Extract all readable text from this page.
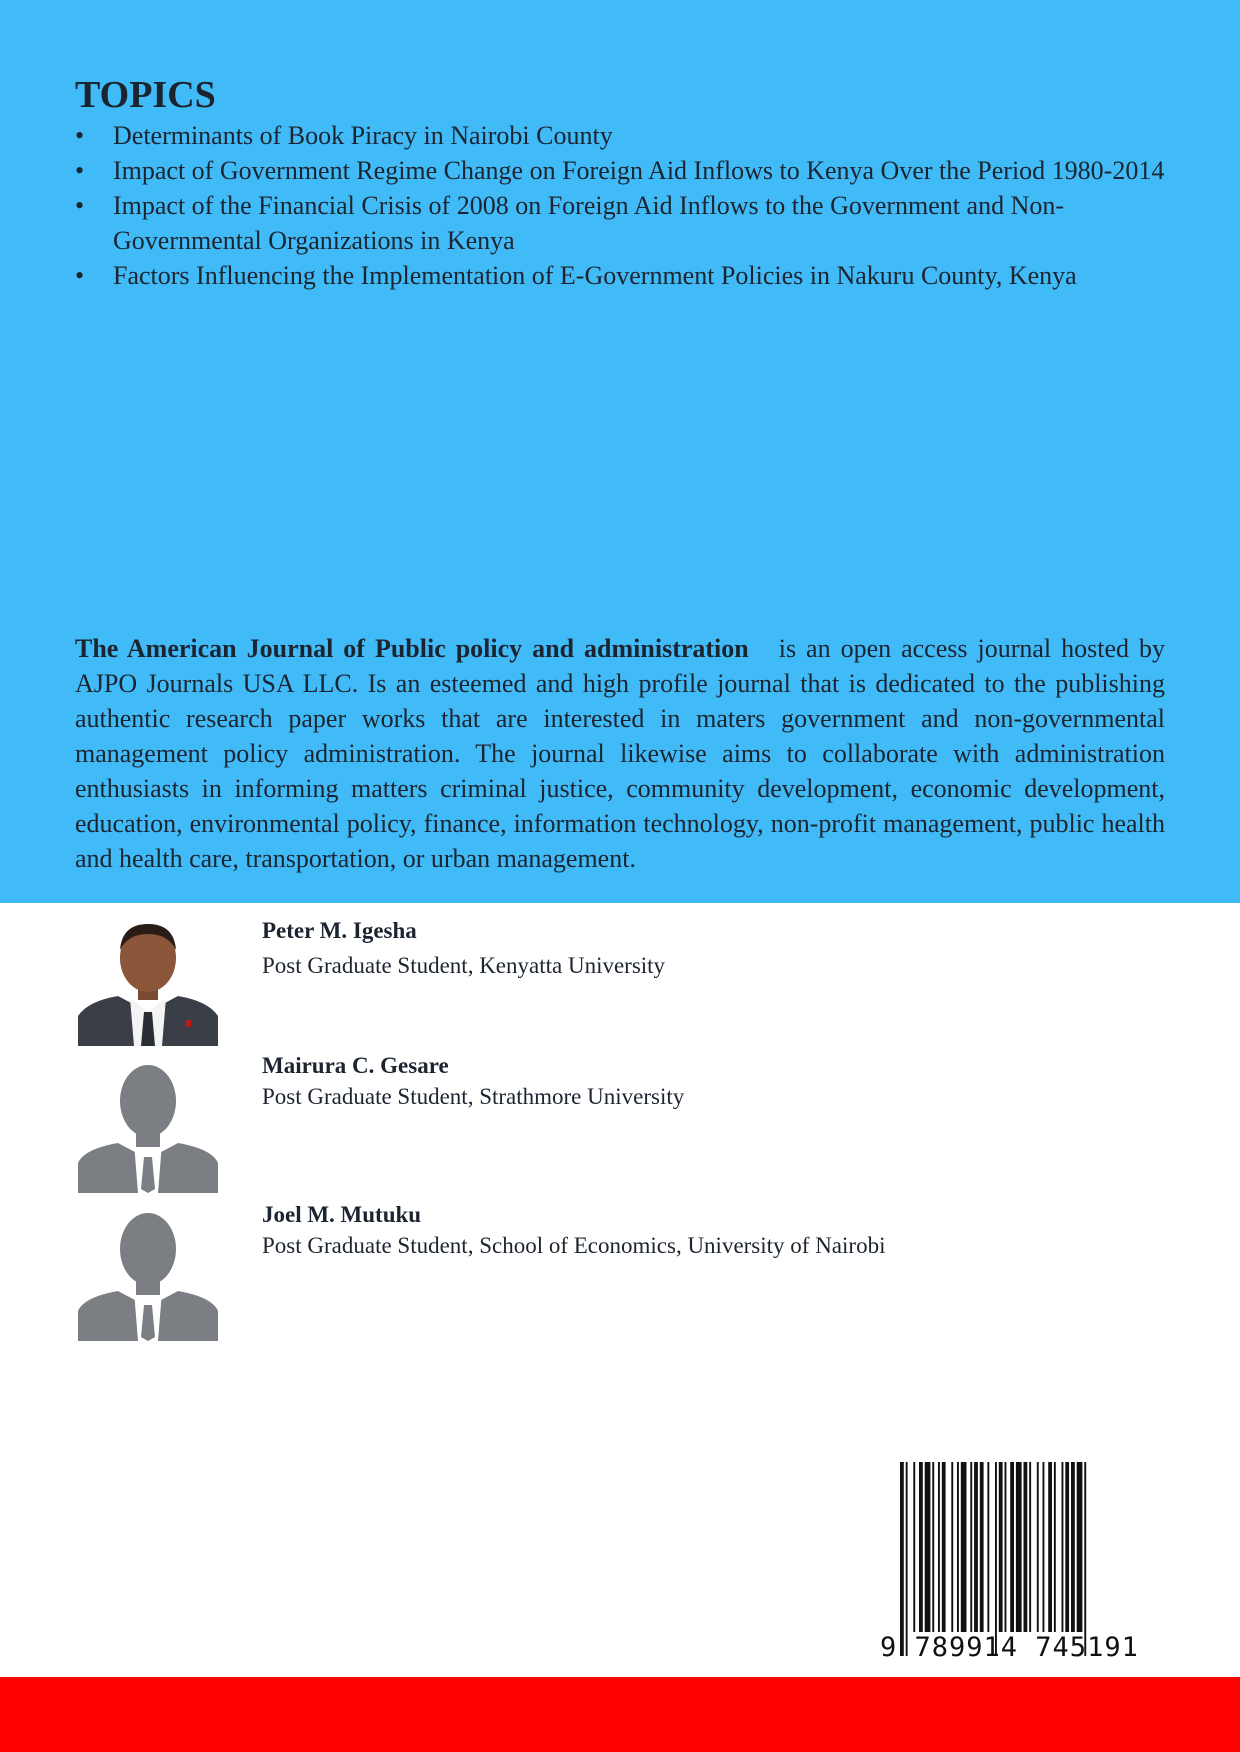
TOPICS
• Determinants of Book Piracy in Nairobi County
• Impact of Government Regime Change on Foreign Aid Inflows to Kenya Over the Period 1980-2014
• Impact of the Financial Crisis of 2008 on Foreign Aid Inflows to the Government and Non-Governmental Organizations in Kenya
• Factors Influencing the Implementation of E-Government Policies in Nakuru County, Kenya

The American Journal of Public policy and administration is an open access journal hosted by AJPO Journals USA LLC. Is an esteemed and high profile journal that is dedicated to the publishing authentic research paper works that are interested in maters government and non-governmental management policy administration. The journal likewise aims to collaborate with administration enthusiasts in informing matters criminal justice, community development, economic development, education, environmental policy, finance, information technology, non-profit management, public health and health care, transportation, or urban management.

Peter M. Igesha

Post Graduate Student, Kenyatta University

Mairura C. Gesare

Post Graduate Student, Strathmore University

Joel M. Mutuku

Post Graduate Student, School of Economics, University of Nairobi

9 789914 745191
